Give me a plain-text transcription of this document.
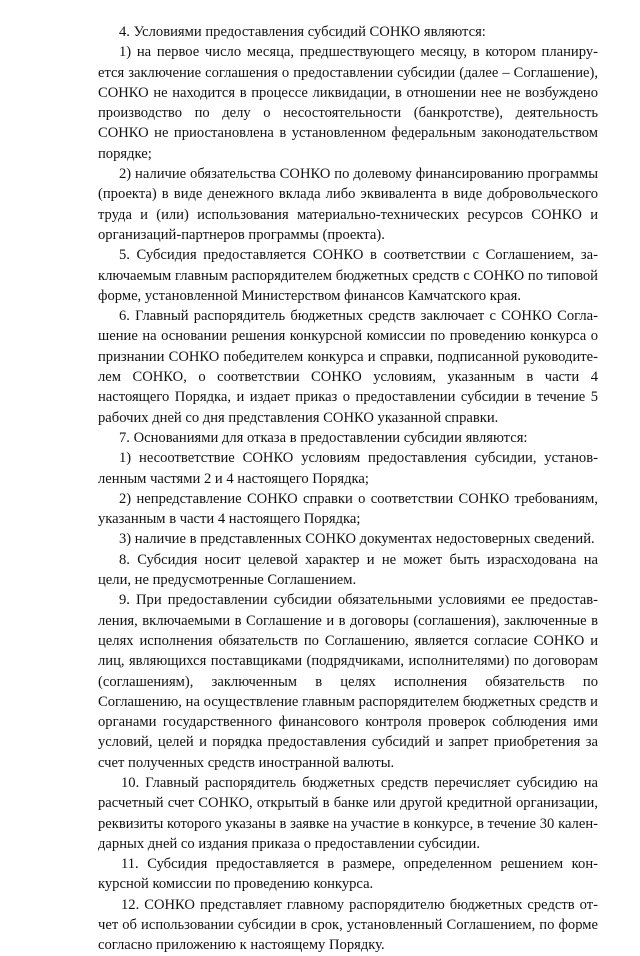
4. Условиями предоставления субсидий СОНКО являются:

1) на первое число месяца, предшествующего месяцу, в котором планируется заключение соглашения о предоставлении субсидии (далее – Соглашение), СОНКО не находится в процессе ликвидации, в отношении нее не возбуждено производство по делу о несостоятельности (банкротстве), деятельность СОНКО не приостановлена в установленном федеральным законодательством порядке;

2) наличие обязательства СОНКО по долевому финансированию программы (проекта) в виде денежного вклада либо эквивалента в виде добровольческого труда и (или) использования материально-технических ресурсов СОНКО и организаций-партнеров программы (проекта).

5. Субсидия предоставляется СОНКО в соответствии с Соглашением, заключаемым главным распорядителем бюджетных средств с СОНКО по типовой форме, установленной Министерством финансов Камчатского края.

6. Главный распорядитель бюджетных средств заключает с СОНКО Соглашение на основании решения конкурсной комиссии по проведению конкурса о признании СОНКО победителем конкурса и справки, подписанной руководителем СОНКО, о соответствии СОНКО условиям, указанным в части 4 настоящего Порядка, и издает приказ о предоставлении субсидии в течение 5 рабочих дней со дня представления СОНКО указанной справки.

7. Основаниями для отказа в предоставлении субсидии являются:

1) несоответствие СОНКО условиям предоставления субсидии, установленным частями 2 и 4 настоящего Порядка;

2) непредставление СОНКО справки о соответствии СОНКО требованиям, указанным в части 4 настоящего Порядка;

3) наличие в представленных СОНКО документах недостоверных сведений.

8. Субсидия носит целевой характер и не может быть израсходована на цели, не предусмотренные Соглашением.

9. При предоставлении субсидии обязательными условиями ее предоставления, включаемыми в Соглашение и в договоры (соглашения), заключенные в целях исполнения обязательств по Соглашению, является согласие СОНКО и лиц, являющихся поставщиками (подрядчиками, исполнителями) по договорам (соглашениям), заключенным в целях исполнения обязательств по Соглашению, на осуществление главным распорядителем бюджетных средств и органами государственного финансового контроля проверок соблюдения ими условий, целей и порядка предоставления субсидий и запрет приобретения за счет полученных средств иностранной валюты.

10. Главный распорядитель бюджетных средств перечисляет субсидию на расчетный счет СОНКО, открытый в банке или другой кредитной организации, реквизиты которого указаны в заявке на участие в конкурсе, в течение 30 календарных дней со издания приказа о предоставлении субсидии.

11. Субсидия предоставляется в размере, определенном решением конкурсной комиссии по проведению конкурса.

12. СОНКО представляет главному распорядителю бюджетных средств отчет об использовании субсидии в срок, установленный Соглашением, по форме согласно приложению к настоящему Порядку.
